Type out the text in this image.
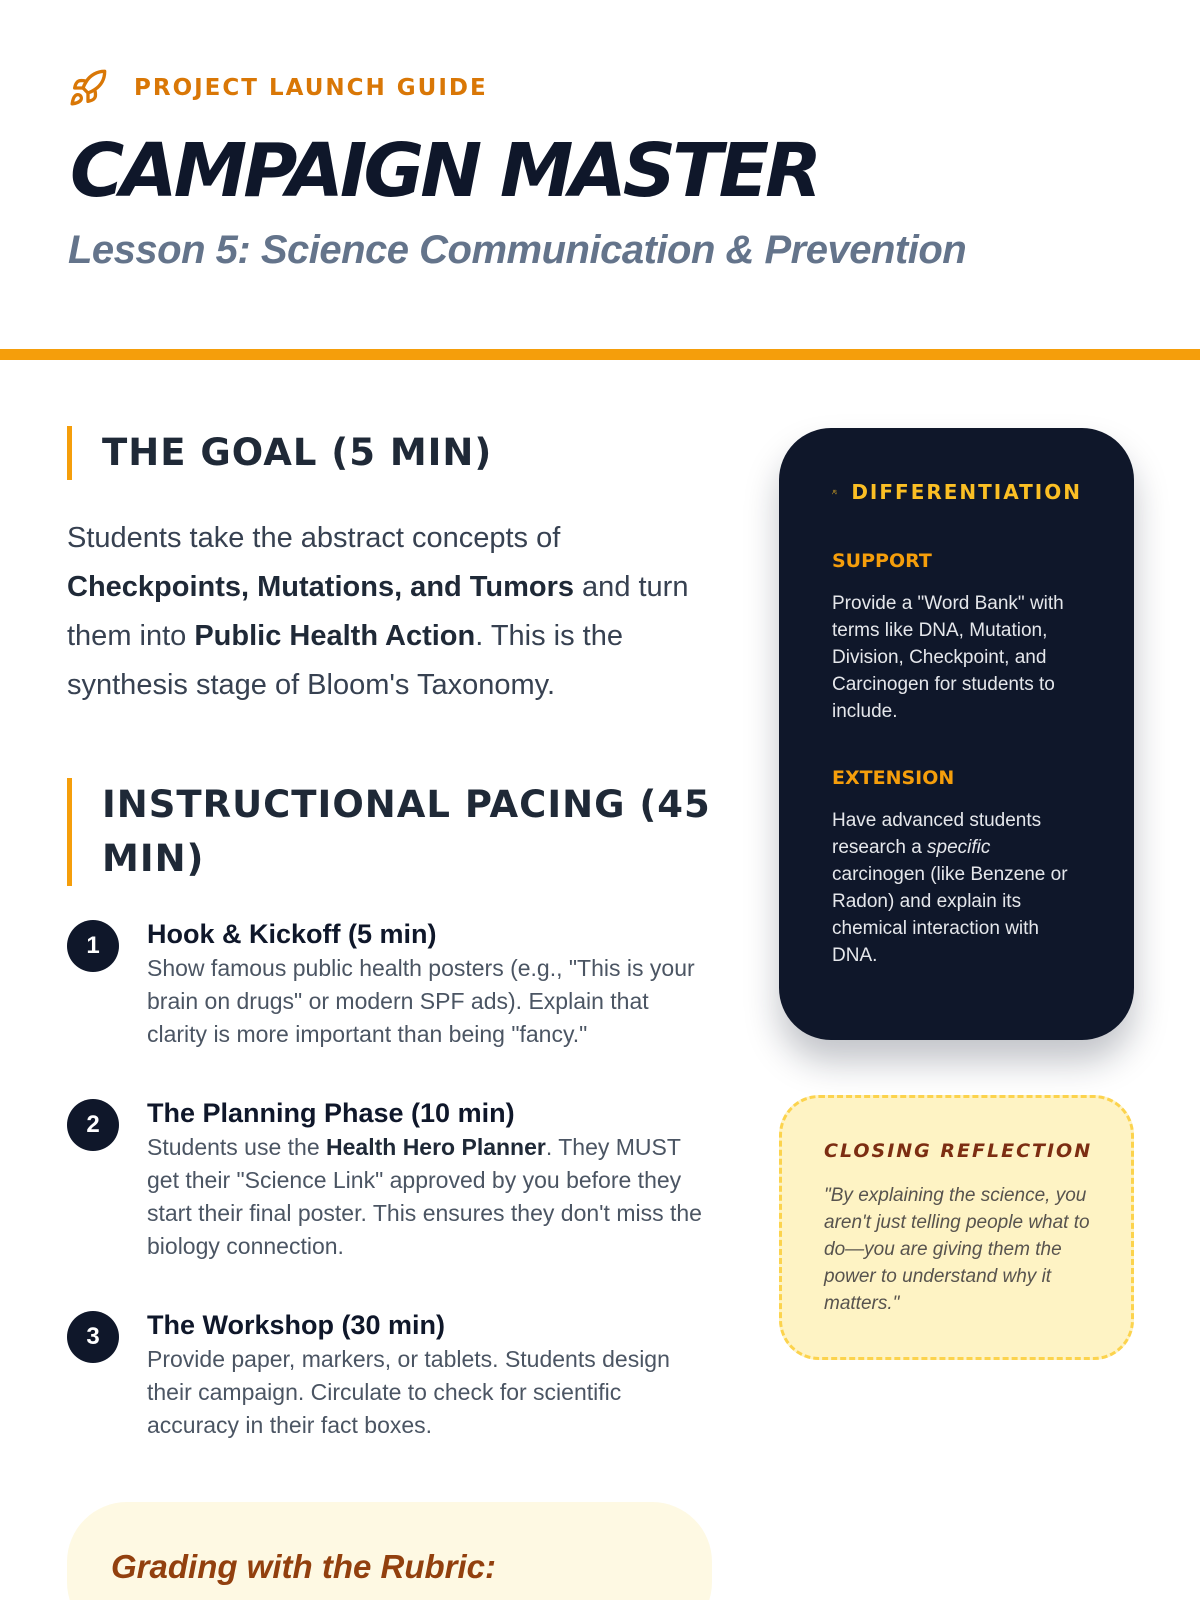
PROJECT LAUNCH GUIDE
CAMPAIGN MASTER
Lesson 5: Science Communication & Prevention
THE GOAL (5 MIN)

Students take the abstract concepts of Checkpoints, Mutations, and Tumors and turn them into Public Health Action. This is the synthesis stage of Bloom's Taxonomy.

INSTRUCTIONAL PACING (45 MIN)
1	Hook & Kickoff (5 min)
Show famous public health posters (e.g., "This is your brain on drugs" or modern SPF ads). Explain that clarity is more important than being "fancy."
2	The Planning Phase (10 min)
Students use the Health Hero Planner. They MUST get their "Science Link" approved by you before they start their final poster. This ensures they don't miss the biology connection.
3	The Workshop (30 min)
Provide paper, markers, or tablets. Students design their campaign. Circulate to check for scientific accuracy in their fact boxes.
Grading with the Rubric:
DIFFERENTIATION
SUPPORT
Provide a "Word Bank" with terms like DNA, Mutation, Division, Checkpoint, and Carcinogen for students to include.
EXTENSION
Have advanced students research a specific carcinogen (like Benzene or Radon) and explain its chemical interaction with DNA.
CLOSING REFLECTION

"By explaining the science, you aren't just telling people what to do—you are giving them the power to understand why it matters."
